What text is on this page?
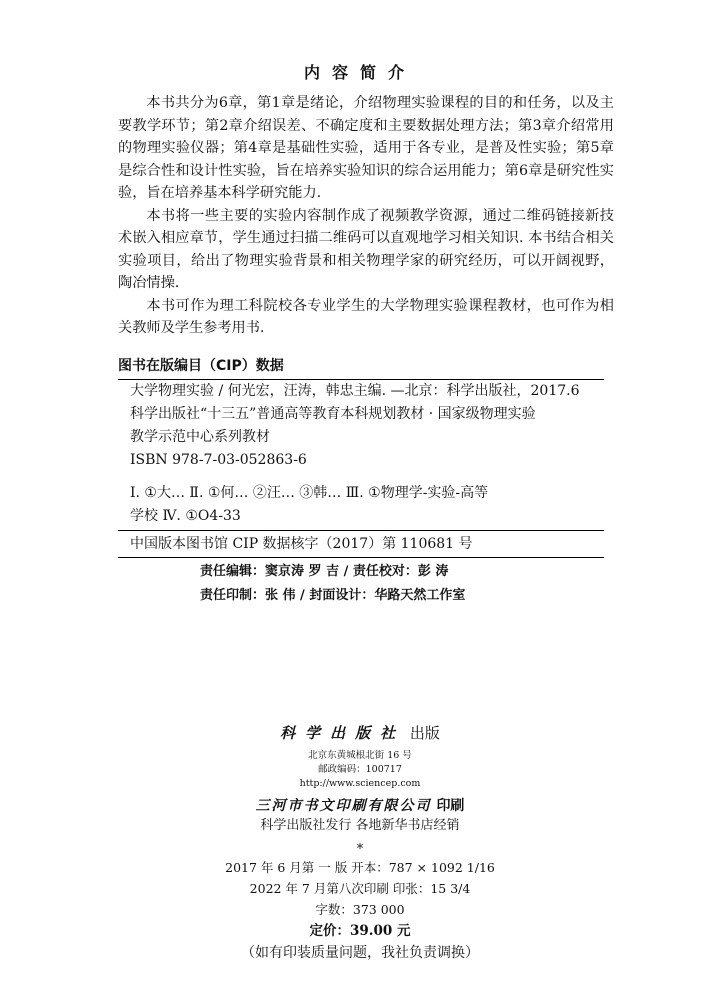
内容简介

本书共分为6章，第1章是绪论，介绍物理实验课程的目的和任务，以及主要教学环节；第2章介绍误差、不确定度和主要数据处理方法；第3章介绍常用的物理实验仪器；第4章是基础性实验，适用于各专业，是普及性实验；第5章是综合性和设计性实验，旨在培养实验知识的综合运用能力；第6章是研究性实验，旨在培养基本科学研究能力.

本书将一些主要的实验内容制作成了视频教学资源，通过二维码链接新技术嵌入相应章节，学生通过扫描二维码可以直观地学习相关知识. 本书结合相关实验项目，给出了物理实验背景和相关物理学家的研究经历，可以开阔视野，陶冶情操.

本书可作为理工科院校各专业学生的大学物理实验课程教材，也可作为相关教师及学生参考用书.

图书在版编目（CIP）数据
大学物理实验 / 何光宏，汪涛，韩忠主编. —北京：科学出版社，2017.6
科学出版社“十三五”普通高等教育本科规划教材 · 国家级物理实验
教学示范中心系列教材
ISBN 978-7-03-052863-6
Ⅰ. ①大… Ⅱ. ①何… ②汪… ③韩… Ⅲ. ①物理学-实验-高等
学校 Ⅳ. ①O4-33
中国版本图书馆 CIP 数据核字（2017）第 110681 号
责任编辑：窦京涛 罗 吉 / 责任校对：彭 涛
责任印制：张 伟 / 封面设计：华路天然工作室
科学出版社 出版
北京东黄城根北街 16 号
邮政编码：100717
http://www.sciencep.com
三河市书文印刷有限公司 印刷
科学出版社发行 各地新华书店经销
*
2017 年 6 月第 一 版 开本：787 × 1092 1/16
2022 年 7 月第八次印刷 印张：15 3/4
字数：373 000
定价：39.00 元
（如有印装质量问题，我社负责调换）
